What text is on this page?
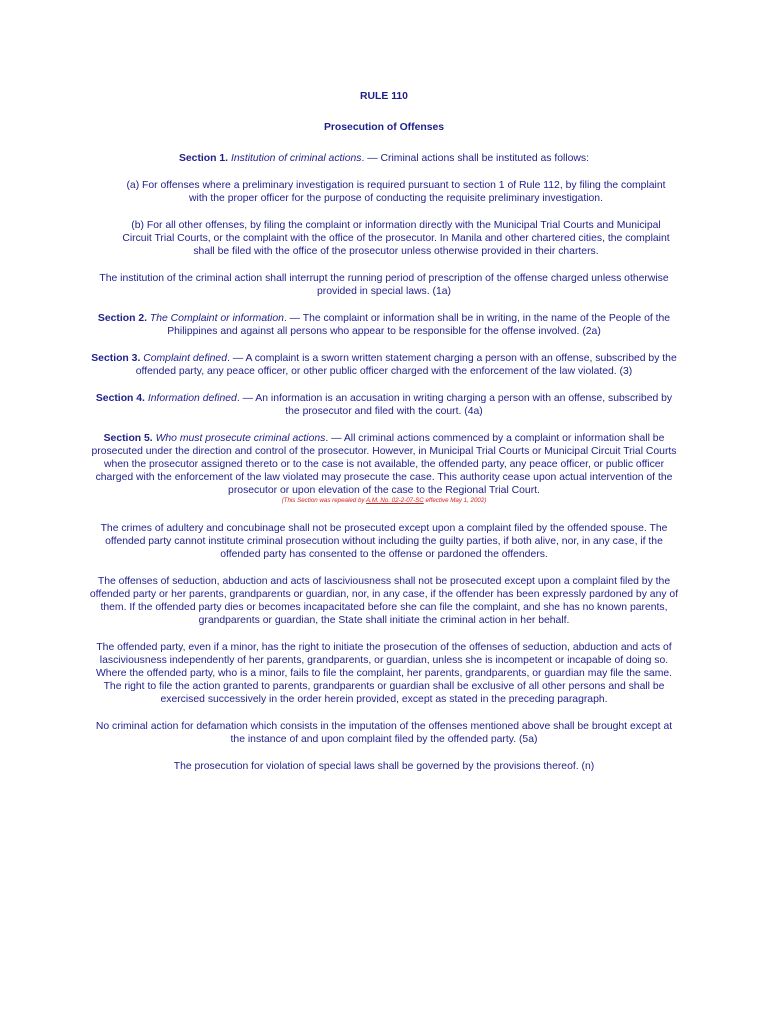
RULE 110
Prosecution of Offenses

Section 1. Institution of criminal actions. — Criminal actions shall be instituted as follows:

(a) For offenses where a preliminary investigation is required pursuant to section 1 of Rule 112, by filing the complaint with the proper officer for the purpose of conducting the requisite preliminary investigation.

(b) For all other offenses, by filing the complaint or information directly with the Municipal Trial Courts and Municipal Circuit Trial Courts, or the complaint with the office of the prosecutor. In Manila and other chartered cities, the complaint shall be filed with the office of the prosecutor unless otherwise provided in their charters.

The institution of the criminal action shall interrupt the running period of prescription of the offense charged unless otherwise provided in special laws. (1a)

Section 2. The Complaint or information. — The complaint or information shall be in writing, in the name of the People of the Philippines and against all persons who appear to be responsible for the offense involved. (2a)

Section 3. Complaint defined. — A complaint is a sworn written statement charging a person with an offense, subscribed by the offended party, any peace officer, or other public officer charged with the enforcement of the law violated. (3)

Section 4. Information defined. — An information is an accusation in writing charging a person with an offense, subscribed by the prosecutor and filed with the court. (4a)

Section 5. Who must prosecute criminal actions. — All criminal actions commenced by a complaint or information shall be prosecuted under the direction and control of the prosecutor. However, in Municipal Trial Courts or Municipal Circuit Trial Courts when the prosecutor assigned thereto or to the case is not available, the offended party, any peace officer, or public officer charged with the enforcement of the law violated may prosecute the case. This authority cease upon actual intervention of the prosecutor or upon elevation of the case to the Regional Trial Court.

(This Section was repealed by A.M. No. 02-2-07-SC effective May 1, 2002)

The crimes of adultery and concubinage shall not be prosecuted except upon a complaint filed by the offended spouse. The offended party cannot institute criminal prosecution without including the guilty parties, if both alive, nor, in any case, if the offended party has consented to the offense or pardoned the offenders.

The offenses of seduction, abduction and acts of lasciviousness shall not be prosecuted except upon a complaint filed by the offended party or her parents, grandparents or guardian, nor, in any case, if the offender has been expressly pardoned by any of them. If the offended party dies or becomes incapacitated before she can file the complaint, and she has no known parents, grandparents or guardian, the State shall initiate the criminal action in her behalf.

The offended party, even if a minor, has the right to initiate the prosecution of the offenses of seduction, abduction and acts of lasciviousness independently of her parents, grandparents, or guardian, unless she is incompetent or incapable of doing so. Where the offended party, who is a minor, fails to file the complaint, her parents, grandparents, or guardian may file the same. The right to file the action granted to parents, grandparents or guardian shall be exclusive of all other persons and shall be exercised successively in the order herein provided, except as stated in the preceding paragraph.

No criminal action for defamation which consists in the imputation of the offenses mentioned above shall be brought except at the instance of and upon complaint filed by the offended party. (5a)

The prosecution for violation of special laws shall be governed by the provisions thereof. (n)
